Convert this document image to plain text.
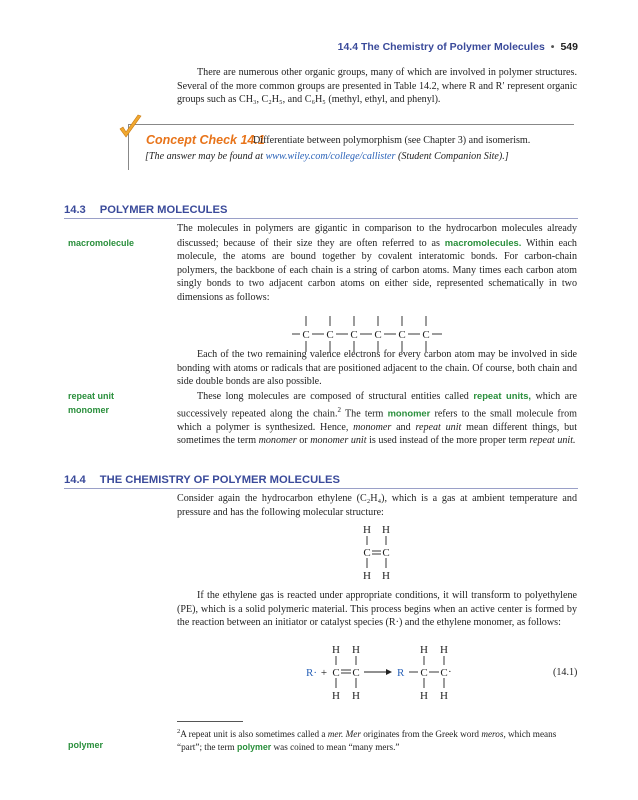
14.4 The Chemistry of Polymer Molecules • 549

There are numerous other organic groups, many of which are involved in polymer structures. Several of the more common groups are presented in Table 14.2, where R and R′ represent organic groups such as CH₃, C₂H₅, and C₆H₅ (methyl, ethyl, and phenyl).

Concept Check 14.1
Differentiate between polymorphism (see Chapter 3) and isomerism.
[The answer may be found at www.wiley.com/college/callister (Student Companion Site).]
14.3 POLYMER MOLECULES
macromolecule

The molecules in polymers are gigantic in comparison to the hydrocarbon molecules already discussed; because of their size they are often referred to as macromolecules. Within each molecule, the atoms are bound together by covalent interatomic bonds. For carbon-chain polymers, the backbone of each chain is a string of carbon atoms. Many times each carbon atom singly bonds to two adjacent carbon atoms on either side, represented schematically in two dimensions as follows:

C C C C C C

Each of the two remaining valence electrons for every carbon atom may be involved in side bonding with atoms or radicals that are positioned adjacent to the chain. Of course, both chain and side double bonds are also possible.

repeat unit
monomer

These long molecules are composed of structural entities called repeat units, which are successively repeated along the chain.$^2$ The term monomer refers to the small molecule from which a polymer is synthesized. Hence, monomer and repeat unit mean different things, but sometimes the term monomer or monomer unit is used instead of the more proper term repeat unit.

14.4 THE CHEMISTRY OF POLYMER MOLECULES

Consider again the hydrocarbon ethylene (C₂H₄), which is a gas at ambient temperature and pressure and has the following molecular structure:

H H
C C
H H

If the ethylene gas is reacted under appropriate conditions, it will transform to polyethylene (PE), which is a solid polymeric material. This process begins when an active center is formed by the reaction between an initiator or catalyst species (R·) and the ethylene monomer, as follows:

H H
C C
H H
+
H H
C C
H H
R·	R	·	(14.1)

$^2$A repeat unit is also sometimes called a mer. Mer originates from the Greek word meros, which means “part”; the term polymer was coined to mean “many mers.”

polymer
